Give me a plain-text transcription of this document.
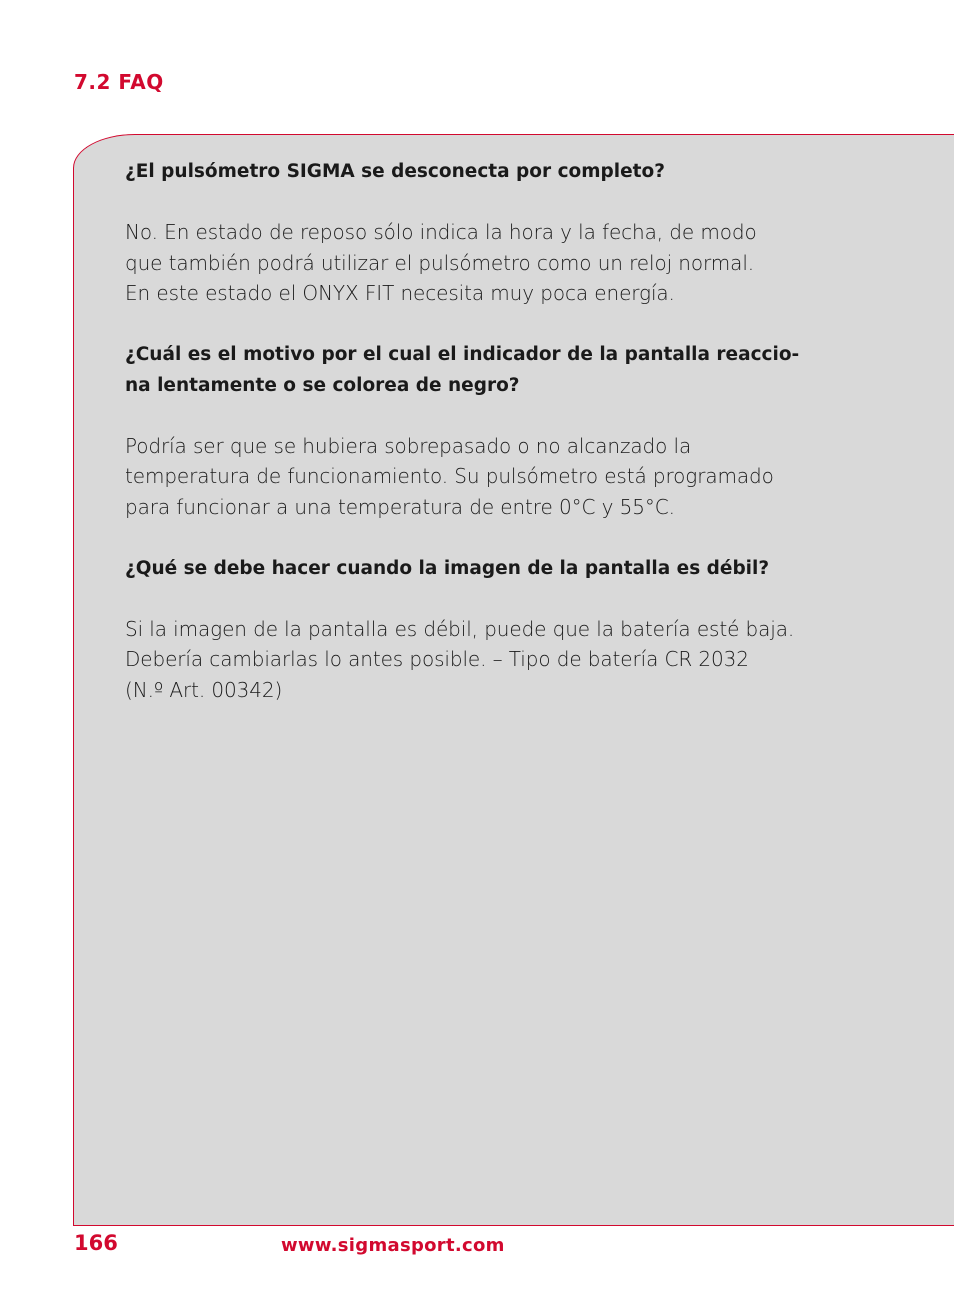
7.2 FAQ

¿El pulsómetro SIGMA se desconecta por completo?

No. En estado de reposo sólo indica la hora y la fecha, de modo
que también podrá utilizar el pulsómetro como un reloj normal.
En este estado el ONYX FIT necesita muy poca energía.

¿Cuál es el motivo por el cual el indicador de la pantalla reaccio-
na lentamente o se colorea de negro?

Podría ser que se hubiera sobrepasado o no alcanzado la
temperatura de funcionamiento. Su pulsómetro está programado
para funcionar a una temperatura de entre 0°C y 55°C.

¿Qué se debe hacer cuando la imagen de la pantalla es débil?

Si la imagen de la pantalla es débil, puede que la batería esté baja.
Debería cambiarlas lo antes posible. – Tipo de batería CR 2032
(N.º Art. 00342)

166	www.sigmasport.com
